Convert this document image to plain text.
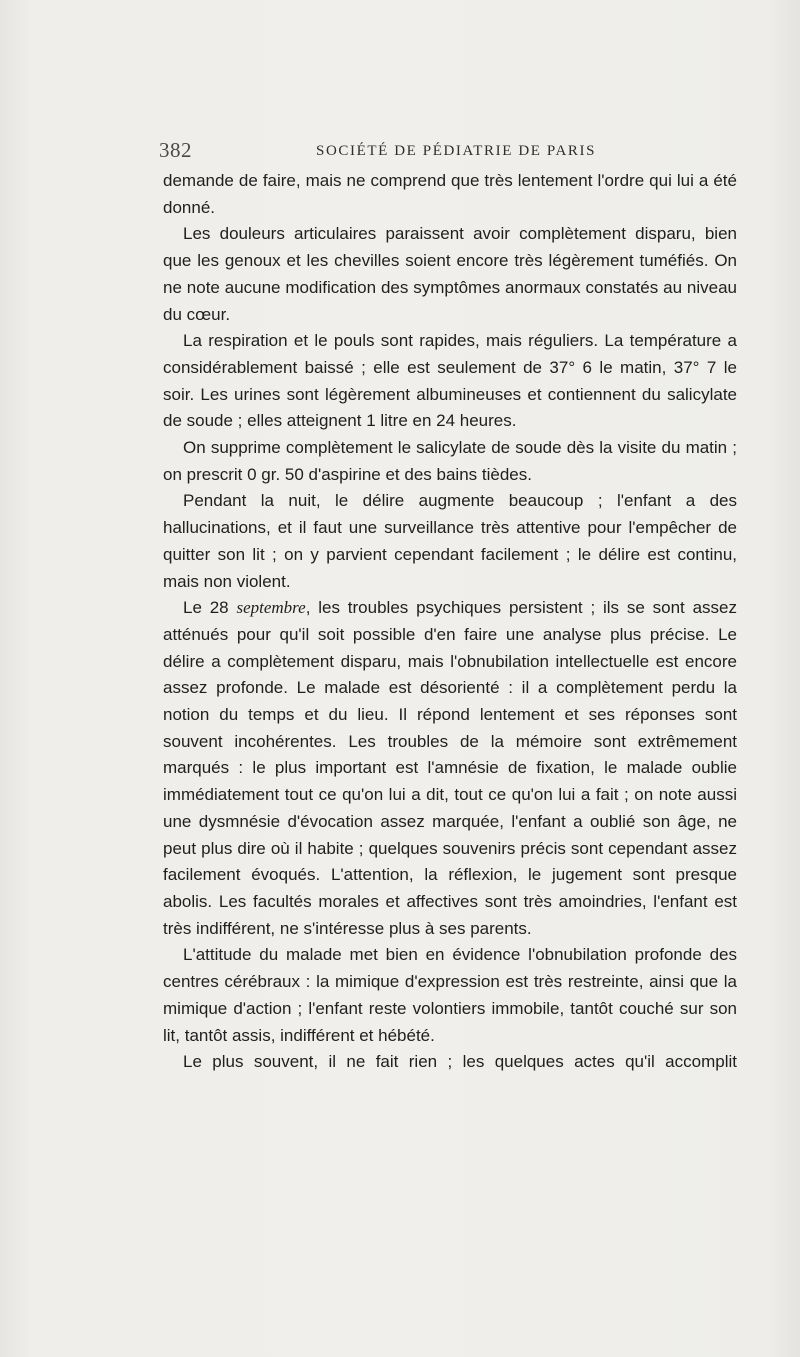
382	SOCIÉTÉ DE PÉDIATRIE DE PARIS

demande de faire, mais ne comprend que très lentement l'ordre qui lui a été donné.

Les douleurs articulaires paraissent avoir complètement disparu, bien que les genoux et les chevilles soient encore très légèrement tuméfiés. On ne note aucune modification des symptômes anormaux constatés au niveau du cœur.

La respiration et le pouls sont rapides, mais réguliers. La température a considérablement baissé ; elle est seulement de 37° 6 le matin, 37° 7 le soir. Les urines sont légèrement albumineuses et contiennent du salicylate de soude ; elles atteignent 1 litre en 24 heures.

On supprime complètement le salicylate de soude dès la visite du matin ; on prescrit 0 gr. 50 d'aspirine et des bains tièdes.

Pendant la nuit, le délire augmente beaucoup ; l'enfant a des hallucinations, et il faut une surveillance très attentive pour l'empêcher de quitter son lit ; on y parvient cependant facilement ; le délire est continu, mais non violent.

Le 28 septembre, les troubles psychiques persistent ; ils se sont assez atténués pour qu'il soit possible d'en faire une analyse plus précise. Le délire a complètement disparu, mais l'obnubilation intellectuelle est encore assez profonde. Le malade est désorienté : il a complètement perdu la notion du temps et du lieu. Il répond lentement et ses réponses sont souvent incohérentes. Les troubles de la mémoire sont extrêmement marqués : le plus important est l'amnésie de fixation, le malade oublie immédiatement tout ce qu'on lui a dit, tout ce qu'on lui a fait ; on note aussi une dysmnésie d'évocation assez marquée, l'enfant a oublié son âge, ne peut plus dire où il habite ; quelques souvenirs précis sont cependant assez facilement évoqués. L'attention, la réflexion, le jugement sont presque abolis. Les facultés morales et affectives sont très amoindries, l'enfant est très indifférent, ne s'intéresse plus à ses parents.

L'attitude du malade met bien en évidence l'obnubilation profonde des centres cérébraux : la mimique d'expression est très restreinte, ainsi que la mimique d'action ; l'enfant reste volontiers immobile, tantôt couché sur son lit, tantôt assis, indifférent et hébété.

Le plus souvent, il ne fait rien ; les quelques actes qu'il accomplit
